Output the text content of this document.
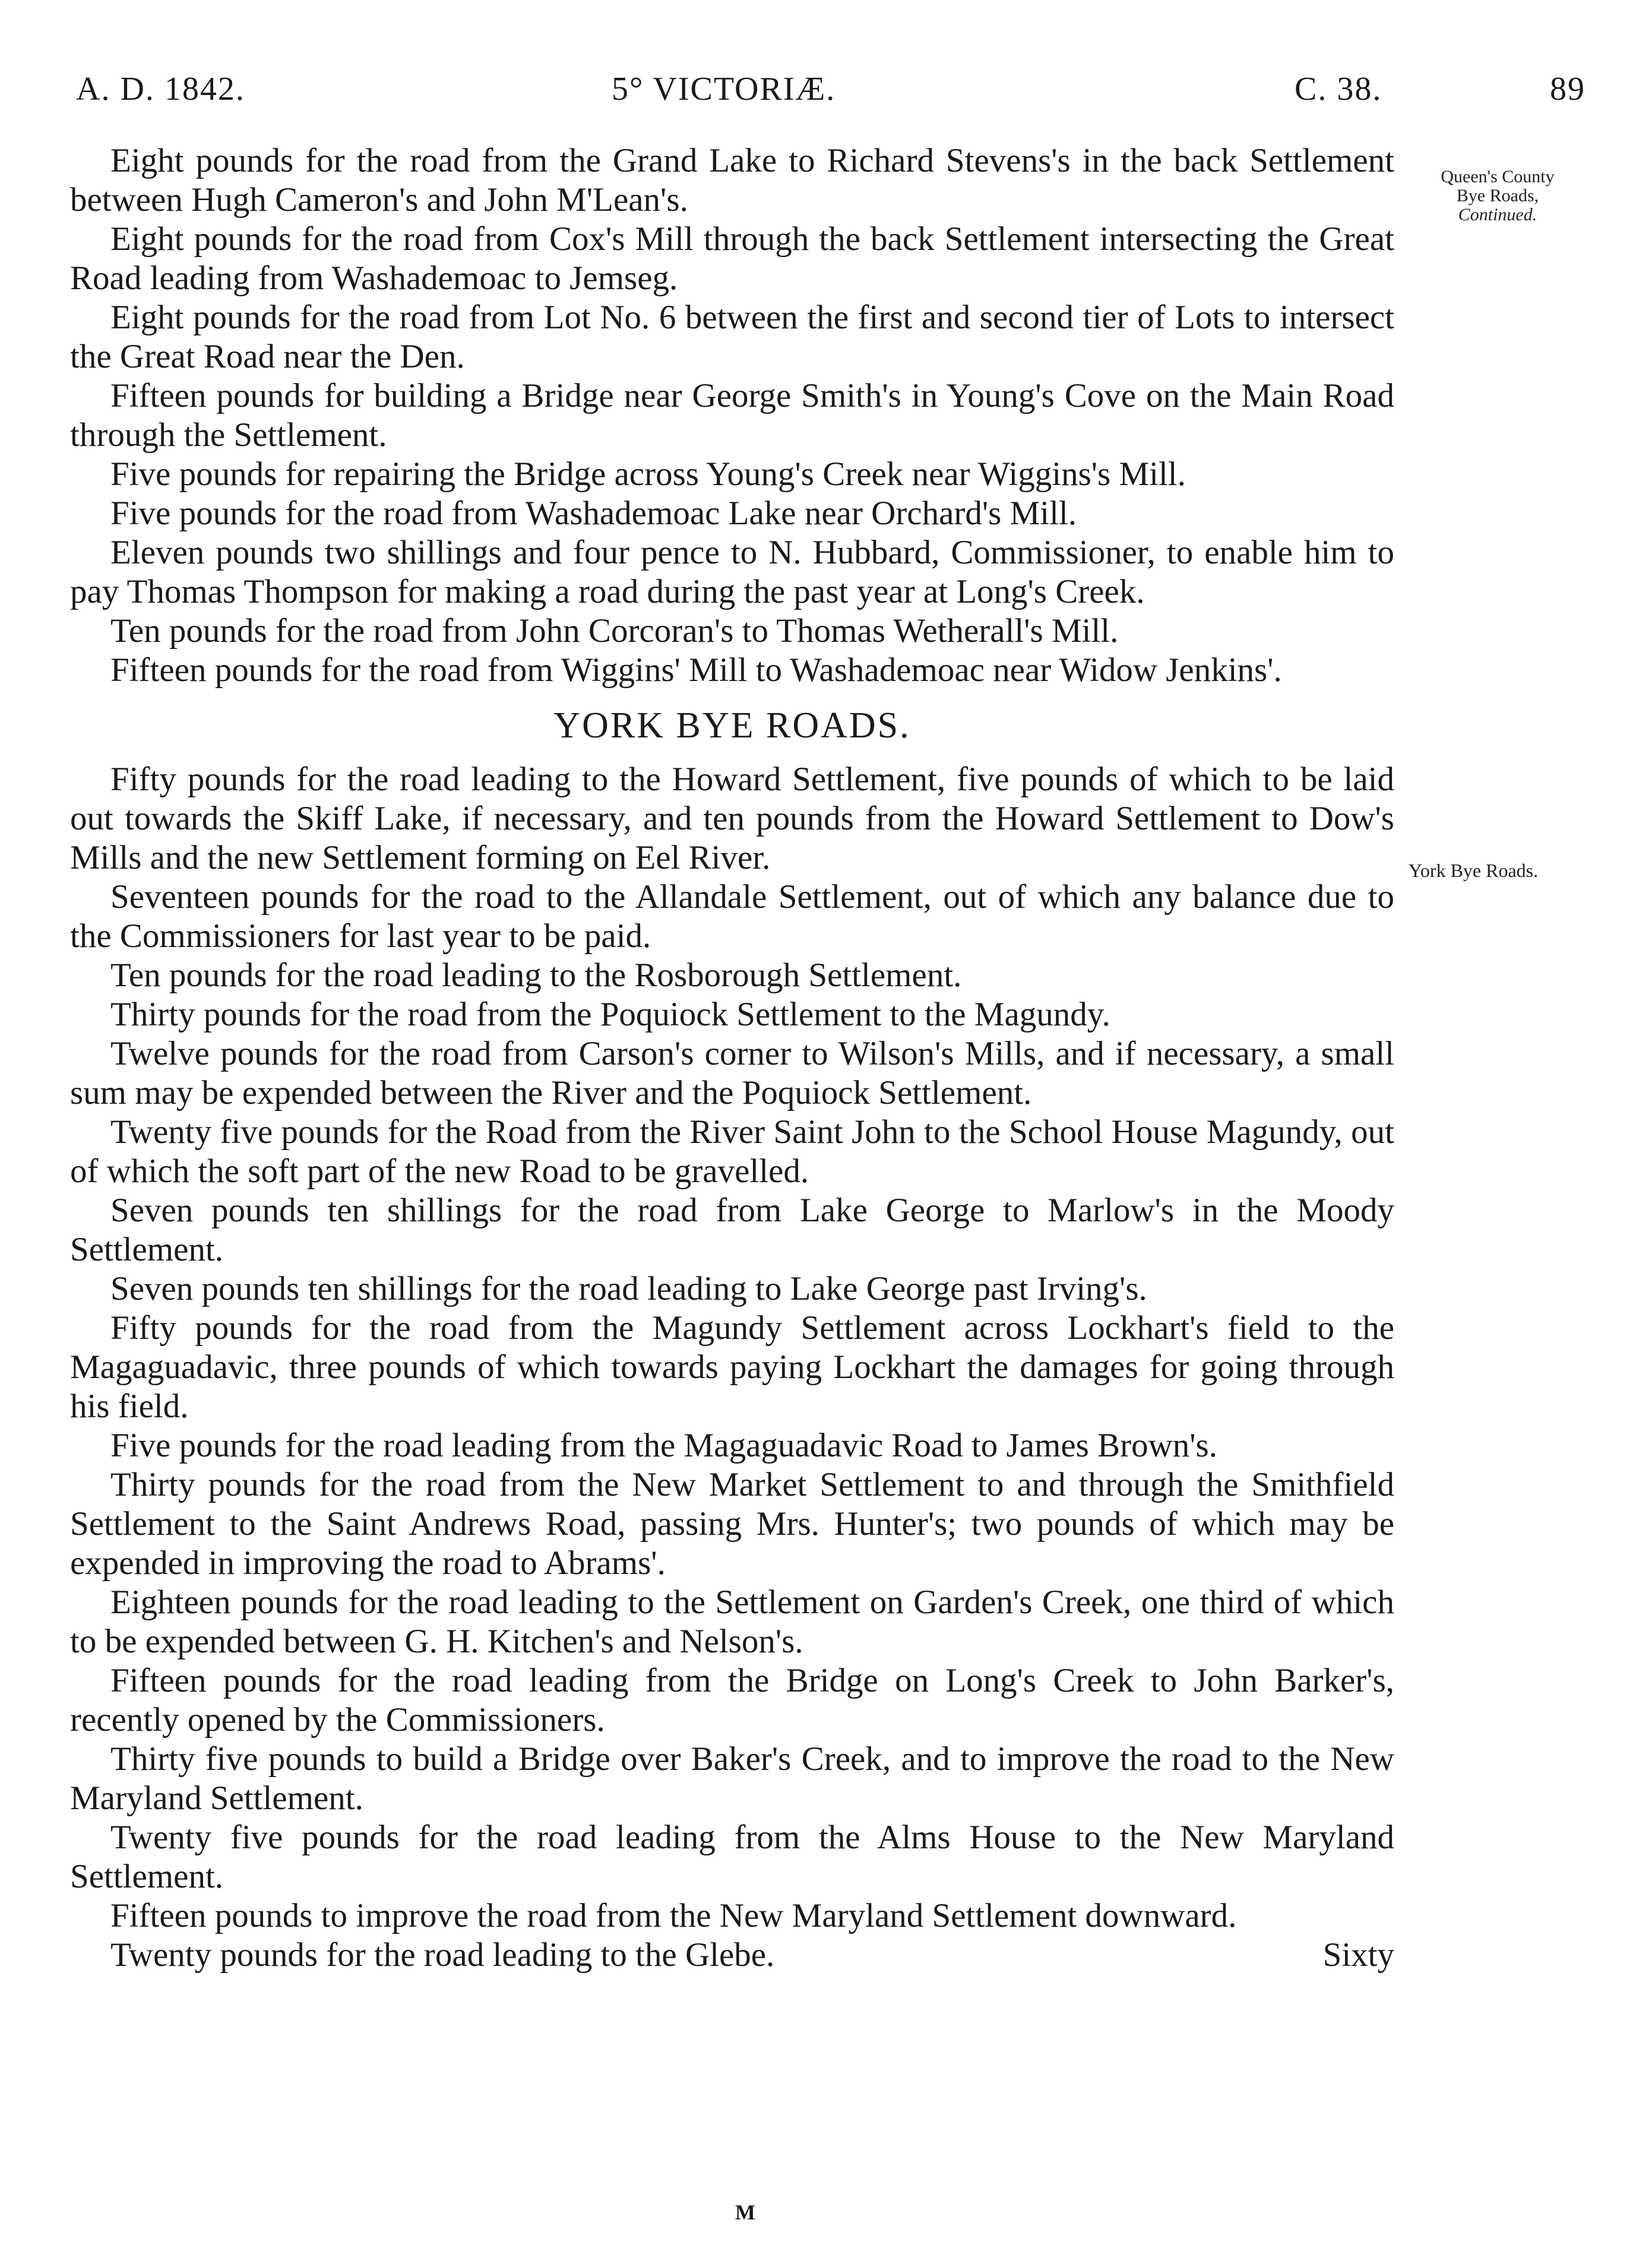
A. D. 1842.	5° VICTORIÆ.	C. 38.	89
Queen's County
Bye Roads,
Continued.
York Bye Roads.

Eight pounds for the road from the Grand Lake to Richard Stevens's in the back Settlement between Hugh Cameron's and John M'Lean's.

Eight pounds for the road from Cox's Mill through the back Settlement intersecting the Great Road leading from Washademoac to Jemseg.

Eight pounds for the road from Lot No. 6 between the first and second tier of Lots to intersect the Great Road near the Den.

Fifteen pounds for building a Bridge near George Smith's in Young's Cove on the Main Road through the Settlement.

Five pounds for repairing the Bridge across Young's Creek near Wiggins's Mill.

Five pounds for the road from Washademoac Lake near Orchard's Mill.

Eleven pounds two shillings and four pence to N. Hubbard, Commissioner, to enable him to pay Thomas Thompson for making a road during the past year at Long's Creek.

Ten pounds for the road from John Corcoran's to Thomas Wetherall's Mill.

Fifteen pounds for the road from Wiggins' Mill to Washademoac near Widow Jenkins'.

YORK BYE ROADS.

Fifty pounds for the road leading to the Howard Settlement, five pounds of which to be laid out towards the Skiff Lake, if necessary, and ten pounds from the Howard Settlement to Dow's Mills and the new Settlement forming on Eel River.

Seventeen pounds for the road to the Allandale Settlement, out of which any balance due to the Commissioners for last year to be paid.

Ten pounds for the road leading to the Rosborough Settlement.

Thirty pounds for the road from the Poquiock Settlement to the Magundy.

Twelve pounds for the road from Carson's corner to Wilson's Mills, and if necessary, a small sum may be expended between the River and the Poquiock Settlement.

Twenty five pounds for the Road from the River Saint John to the School House Magundy, out of which the soft part of the new Road to be gravelled.

Seven pounds ten shillings for the road from Lake George to Marlow's in the Moody Settlement.

Seven pounds ten shillings for the road leading to Lake George past Irving's.

Fifty pounds for the road from the Magundy Settlement across Lockhart's field to the Magaguadavic, three pounds of which towards paying Lockhart the damages for going through his field.

Five pounds for the road leading from the Magaguadavic Road to James Brown's.

Thirty pounds for the road from the New Market Settlement to and through the Smithfield Settlement to the Saint Andrews Road, passing Mrs. Hunter's; two pounds of which may be expended in improving the road to Abrams'.

Eighteen pounds for the road leading to the Settlement on Garden's Creek, one third of which to be expended between G. H. Kitchen's and Nelson's.

Fifteen pounds for the road leading from the Bridge on Long's Creek to John Barker's, recently opened by the Commissioners.

Thirty five pounds to build a Bridge over Baker's Creek, and to improve the road to the New Maryland Settlement.

Twenty five pounds for the road leading from the Alms House to the New Maryland Settlement.

Fifteen pounds to improve the road from the New Maryland Settlement downward.

Twenty pounds for the road leading to the Glebe.	Sixty
M
